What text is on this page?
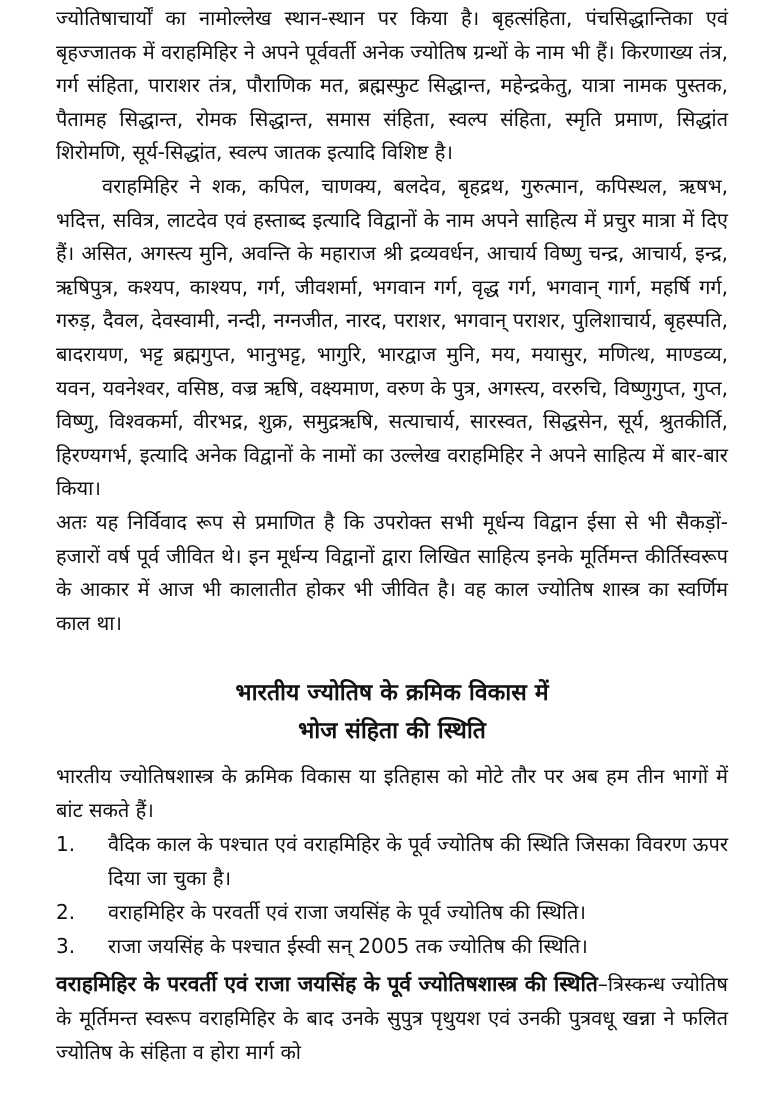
ज्योतिषाचार्यों का नामोल्लेख स्थान-स्थान पर किया है। बृहत्संहिता, पंचसिद्धान्तिका एवं बृहज्जातक में वराहमिहिर ने अपने पूर्ववर्ती अनेक ज्योतिष ग्रन्थों के नाम भी हैं। किरणाख्य तंत्र, गर्ग संहिता, पाराशर तंत्र, पौराणिक मत, ब्रह्मस्फुट सिद्धान्त, महेन्द्रकेतु, यात्रा नामक पुस्तक, पैतामह सिद्धान्त, रोमक सिद्धान्त, समास संहिता, स्वल्प संहिता, स्मृति प्रमाण, सिद्धांत शिरोमणि, सूर्य-सिद्धांत, स्वल्प जातक इत्यादि विशिष्ट है।

वराहमिहिर ने शक, कपिल, चाणक्य, बलदेव, बृहद्रथ, गुरुत्मान, कपिस्थल, ऋषभ, भदित्त, सवित्र, लाटदेव एवं हस्ताब्द इत्यादि विद्वानों के नाम अपने साहित्य में प्रचुर मात्रा में दिए हैं। असित, अगस्त्य मुनि, अवन्ति के महाराज श्री द्रव्यवर्धन, आचार्य विष्णु चन्द्र, आचार्य, इन्द्र, ऋषिपुत्र, कश्यप, काश्यप, गर्ग, जीवशर्मा, भगवान गर्ग, वृद्ध गर्ग, भगवान् गार्ग, महर्षि गर्ग, गरुड़, दैवल, देवस्वामी, नन्दी, नग्नजीत, नारद, पराशर, भगवान् पराशर, पुलिशाचार्य, बृहस्पति, बादरायण, भट्ट ब्रह्मगुप्त, भानुभट्ट, भागुरि, भारद्वाज मुनि, मय, मयासुर, मणित्थ, माण्डव्य, यवन, यवनेश्वर, वसिष्ठ, वज्र ऋषि, वक्ष्यमाण, वरुण के पुत्र, अगस्त्य, वररुचि, विष्णुगुप्त, गुप्त, विष्णु, विश्वकर्मा, वीरभद्र, शुक्र, समुद्रऋषि, सत्याचार्य, सारस्वत, सिद्धसेन, सूर्य, श्रुतकीर्ति, हिरण्यगर्भ, इत्यादि अनेक विद्वानों के नामों का उल्लेख वराहमिहिर ने अपने साहित्य में बार-बार किया।

अतः यह निर्विवाद रूप से प्रमाणित है कि उपरोक्त सभी मूर्धन्य विद्वान ईसा से भी सैकड़ों-हजारों वर्ष पूर्व जीवित थे। इन मूर्धन्य विद्वानों द्वारा लिखित साहित्य इनके मूर्तिमन्त कीर्तिस्वरूप के आकार में आज भी कालातीत होकर भी जीवित है। वह काल ज्योतिष शास्त्र का स्वर्णिम काल था।

भारतीय ज्योतिष के क्रमिक विकास में
भोज संहिता की स्थिति

भारतीय ज्योतिषशास्त्र के क्रमिक विकास या इतिहास को मोटे तौर पर अब हम तीन भागों में बांट सकते हैं।

1.	वैदिक काल के पश्चात एवं वराहमिहिर के पूर्व ज्योतिष की स्थिति जिसका विवरण ऊपर दिया जा चुका है।
2.	वराहमिहिर के परवर्ती एवं राजा जयसिंह के पूर्व ज्योतिष की स्थिति।
3.	राजा जयसिंह के पश्चात ईस्वी सन् 2005 तक ज्योतिष की स्थिति।

वराहमिहिर के परवर्ती एवं राजा जयसिंह के पूर्व ज्योतिषशास्त्र की स्थिति–त्रिस्कन्ध ज्योतिष के मूर्तिमन्त स्वरूप वराहमिहिर के बाद उनके सुपुत्र पृथुयश एवं उनकी पुत्रवधू खन्ना ने फलित ज्योतिष के संहिता व होरा मार्ग को
